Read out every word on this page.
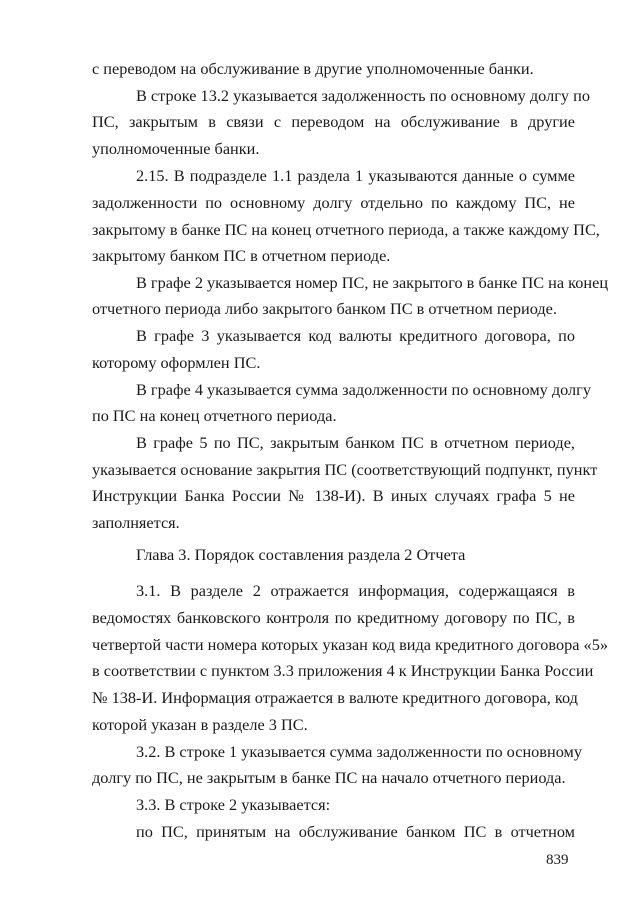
с переводом на обслуживание в другие уполномоченные банки.
В строке 13.2 указывается задолженность по основному долгу по
ПС, закрытым в связи с переводом на обслуживание в другие
уполномоченные банки.
2.15. В подразделе 1.1 раздела 1 указываются данные о сумме
задолженности по основному долгу отдельно по каждому ПС, не
закрытому в банке ПС на конец отчетного периода, а также каждому ПС,
закрытому банком ПС в отчетном периоде.
В графе 2 указывается номер ПС, не закрытого в банке ПС на конец
отчетного периода либо закрытого банком ПС в отчетном периоде.
В графе 3 указывается код валюты кредитного договора, по
которому оформлен ПС.
В графе 4 указывается сумма задолженности по основному долгу
по ПС на конец отчетного периода.
В графе 5 по ПС, закрытым банком ПС в отчетном периоде,
указывается основание закрытия ПС (соответствующий подпункт, пункт
Инструкции Банка России № 138-И). В иных случаях графа 5 не
заполняется.
Глава 3. Порядок составления раздела 2 Отчета
3.1. В разделе 2 отражается информация, содержащаяся в
ведомостях банковского контроля по кредитному договору по ПС, в
четвертой части номера которых указан код вида кредитного договора «5»
в соответствии с пунктом 3.3 приложения 4 к Инструкции Банка России
№ 138-И. Информация отражается в валюте кредитного договора, код
которой указан в разделе 3 ПС.
3.2. В строке 1 указывается сумма задолженности по основному
долгу по ПС, не закрытым в банке ПС на начало отчетного периода.
3.3. В строке 2 указывается:
по ПС, принятым на обслуживание банком ПС в отчетном
839
